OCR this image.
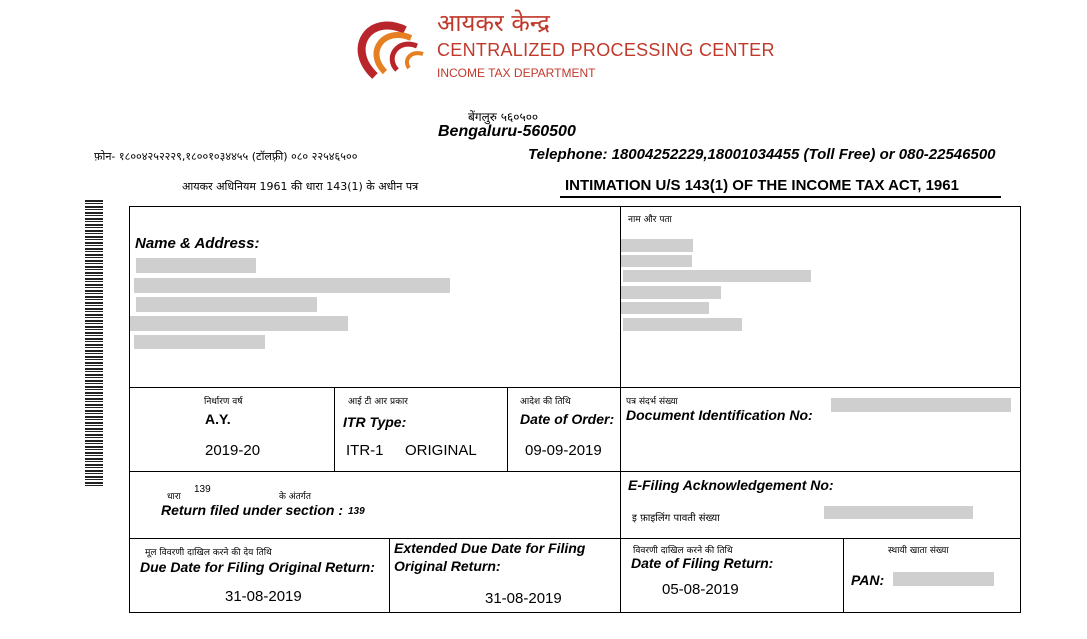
आयकर केन्द्र
CENTRALIZED PROCESSING CENTER
INCOME TAX DEPARTMENT
बेंगलुरु ५६०५००
Bengaluru-560500
फ़ोन- १८००४२५२२२९,१८००१०३४४५५ (टॉलफ़्री) ०८० २२५४६५००	Telephone: 18004252229,18001034455 (Toll Free) or 080-22546500
आयकर अधिनियम 1961 की धारा 143(1) के अधीन पत्र	INTIMATION U/S 143(1) OF THE INCOME TAX ACT, 1961
Name & Address:
नाम और पता
निर्धारण वर्ष
A.Y.
2019-20
आई टी आर प्रकार
ITR Type:
ITR-1 ORIGINAL
आदेश की तिथि
Date of Order:
09-09-2019
पत्र संदर्भ संख्या
Document Identification No:
धारा
139
के अंतर्गत
Return filed under section : 139
E-Filing Acknowledgement No:
इ फ़ाइलिंग पावती संख्या
मूल विवरणी दाखिल करने की देय तिथि
Due Date for Filing Original Return:
31-08-2019
Extended Due Date for Filing
Original Return:
31-08-2019
विवरणी दाखिल करने की तिथि
Date of Filing Return:
05-08-2019
स्थायी खाता संख्या
PAN:
